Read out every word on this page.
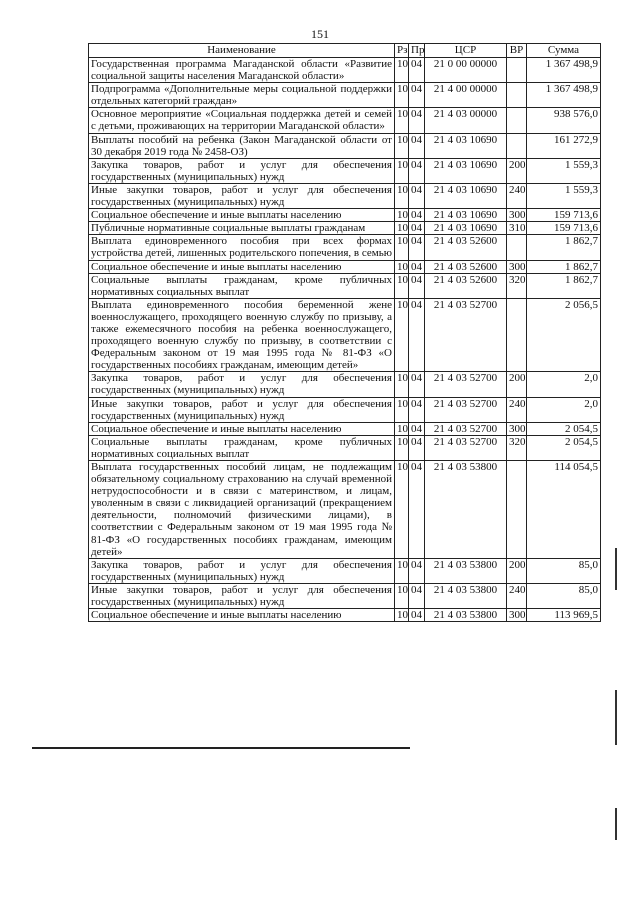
151
Наименование	Рз	Пр	ЦСР	ВР	Сумма
Государственная программа Магаданской области «Развитие социальной защиты населения Магаданской области»	10	04	21 0 00 00000		1 367 498,9
Подпрограмма «Дополнительные меры социальной поддержки отдельных категорий граждан»	10	04	21 4 00 00000		1 367 498,9
Основное мероприятие «Социальная поддержка детей и семей с детьми, проживающих на территории Магаданской области»	10	04	21 4 03 00000		938 576,0
Выплаты пособий на ребенка (Закон Магаданской области от 30 декабря 2019 года № 2458-ОЗ)	10	04	21 4 03 10690		161 272,9
Закупка товаров, работ и услуг для обеспечения государственных (муниципальных) нужд	10	04	21 4 03 10690	200	1 559,3
Иные закупки товаров, работ и услуг для обеспечения государственных (муниципальных) нужд	10	04	21 4 03 10690	240	1 559,3
Социальное обеспечение и иные выплаты населению	10	04	21 4 03 10690	300	159 713,6
Публичные нормативные социальные выплаты гражданам	10	04	21 4 03 10690	310	159 713,6
Выплата единовременного пособия при всех формах устройства детей, лишенных родительского попечения, в семью	10	04	21 4 03 52600		1 862,7
Социальное обеспечение и иные выплаты населению	10	04	21 4 03 52600	300	1 862,7
Социальные выплаты гражданам, кроме публичных нормативных социальных выплат	10	04	21 4 03 52600	320	1 862,7
Выплата единовременного пособия беременной жене военнослужащего, проходящего военную службу по призыву, а также ежемесячного пособия на ребенка военнослужащего, проходящего военную службу по призыву, в соответствии с Федеральным законом от 19 мая 1995 года № 81-ФЗ «О государственных пособиях гражданам, имеющим детей»	10	04	21 4 03 52700		2 056,5
Закупка товаров, работ и услуг для обеспечения государственных (муниципальных) нужд	10	04	21 4 03 52700	200	2,0
Иные закупки товаров, работ и услуг для обеспечения государственных (муниципальных) нужд	10	04	21 4 03 52700	240	2,0
Социальное обеспечение и иные выплаты населению	10	04	21 4 03 52700	300	2 054,5
Социальные выплаты гражданам, кроме публичных нормативных социальных выплат	10	04	21 4 03 52700	320	2 054,5
Выплата государственных пособий лицам, не подлежащим обязательному социальному страхованию на случай временной нетрудоспособности и в связи с материнством, и лицам, уволенным в связи с ликвидацией организаций (прекращением деятельности, полномочий физическими лицами), в соответствии с Федеральным законом от 19 мая 1995 года № 81-ФЗ «О государственных пособиях гражданам, имеющим детей»	10	04	21 4 03 53800		114 054,5
Закупка товаров, работ и услуг для обеспечения государственных (муниципальных) нужд	10	04	21 4 03 53800	200	85,0
Иные закупки товаров, работ и услуг для обеспечения государственных (муниципальных) нужд	10	04	21 4 03 53800	240	85,0
Социальное обеспечение и иные выплаты населению	10	04	21 4 03 53800	300	113 969,5
